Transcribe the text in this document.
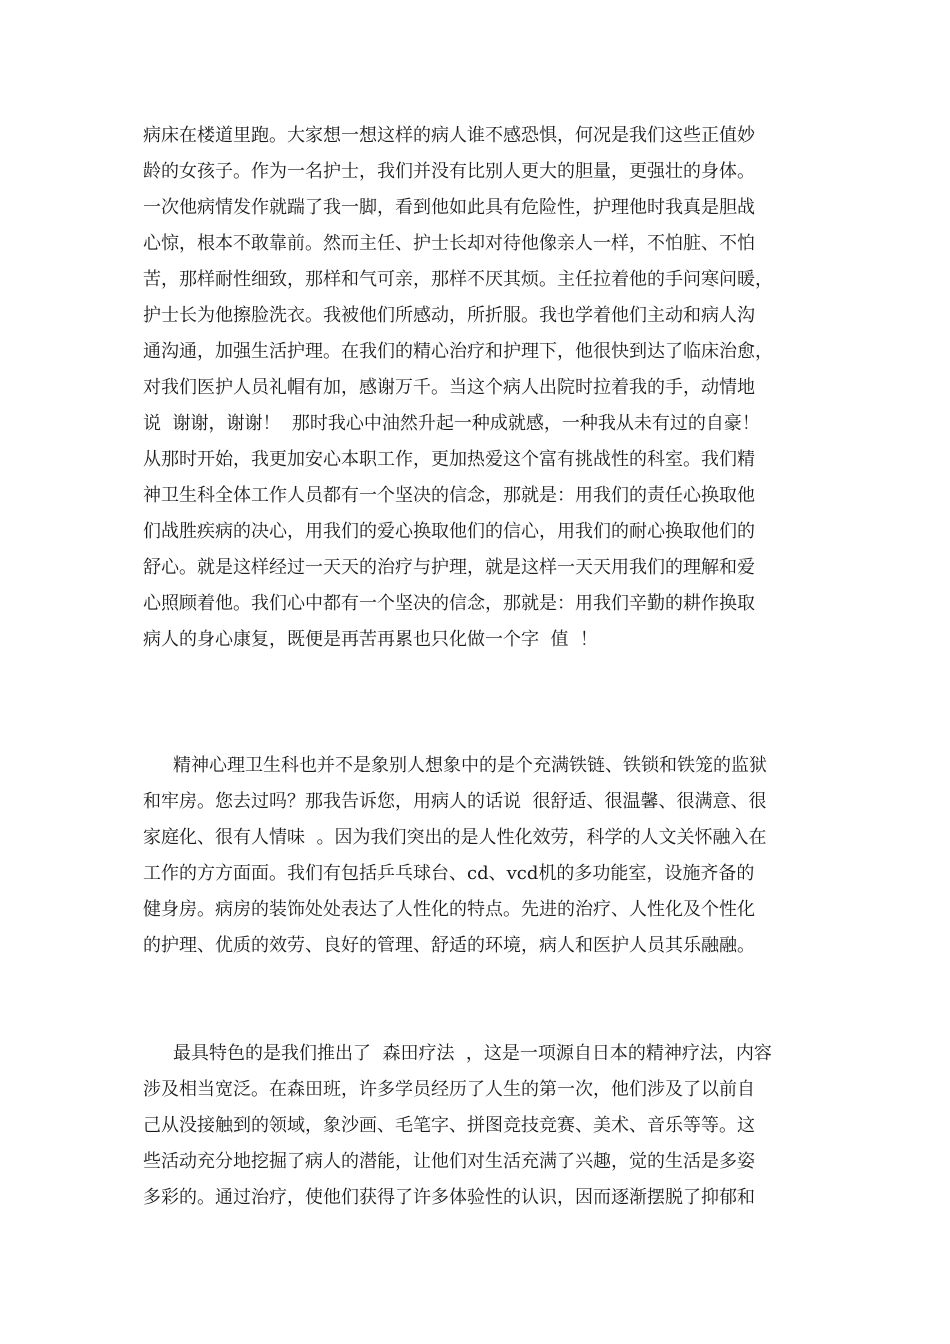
病床在楼道里跑。大家想一想这样的病人谁不感恐惧，何况是我们这些正值妙
龄的女孩子。作为一名护士，我们并没有比别人更大的胆量，更强壮的身体。
一次他病情发作就踹了我一脚，看到他如此具有危险性，护理他时我真是胆战
心惊，根本不敢靠前。然而主任、护士长却对待他像亲人一样，不怕脏、不怕
苦，那样耐性细致，那样和气可亲，那样不厌其烦。主任拉着他的手问寒问暖，
护士长为他擦脸洗衣。我被他们所感动，所折服。我也学着他们主动和病人沟
通沟通，加强生活护理。在我们的精心治疗和护理下，他很快到达了临床治愈，
对我们医护人员礼帽有加，感谢万千。当这个病人出院时拉着我的手，动情地
说  谢谢，谢谢！  那时我心中油然升起一种成就感，一种我从未有过的自豪！
从那时开始，我更加安心本职工作，更加热爱这个富有挑战性的科室。我们精
神卫生科全体工作人员都有一个坚决的信念，那就是：用我们的责任心换取他
们战胜疾病的决心，用我们的爱心换取他们的信心，用我们的耐心换取他们的
舒心。就是这样经过一天天的治疗与护理，就是这样一天天用我们的理解和爱
心照顾着他。我们心中都有一个坚决的信念，那就是：用我们辛勤的耕作换取
病人的身心康复，既便是再苦再累也只化做一个字  值  ！
精神心理卫生科也并不是象别人想象中的是个充满铁链、铁锁和铁笼的监狱
和牢房。您去过吗？那我告诉您，用病人的话说  很舒适、很温馨、很满意、很
家庭化、很有人情味  。因为我们突出的是人性化效劳，科学的人文关怀融入在
工作的方方面面。我们有包括乒乓球台、cd、vcd机的多功能室，设施齐备的
健身房。病房的装饰处处表达了人性化的特点。先进的治疗、人性化及个性化
的护理、优质的效劳、良好的管理、舒适的环境，病人和医护人员其乐融融。
最具特色的是我们推出了  森田疗法  ，这是一项源自日本的精神疗法，内容
涉及相当宽泛。在森田班，许多学员经历了人生的第一次，他们涉及了以前自
己从没接触到的领域，象沙画、毛笔字、拼图竞技竞赛、美术、音乐等等。这
些活动充分地挖掘了病人的潜能，让他们对生活充满了兴趣，觉的生活是多姿
多彩的。通过治疗，使他们获得了许多体验性的认识，因而逐渐摆脱了抑郁和
